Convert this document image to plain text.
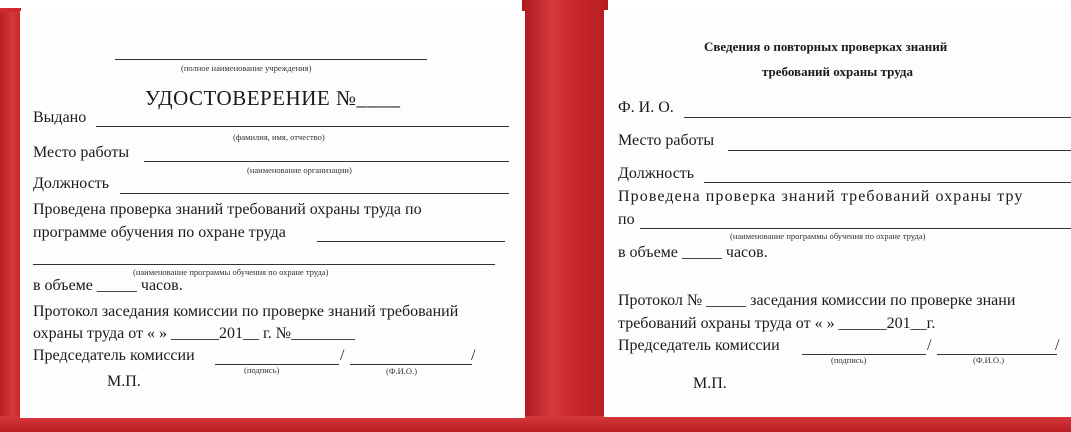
(полное наименование учреждения)
УДОСТОВЕРЕНИЕ №____
Выдано
(фамилия, имя, отчество)
Место работы
(наименование организации)
Должность
Проведена проверка знаний требований охраны труда по
программе обучения по охране труда
(наименование программы обучения по охране труда)
в объеме _____ часов.
Протокол заседания комиссии по проверке знаний требований
охраны труда от « » ______201__ г. №________
Председатель комиссии	/	/
(подпись)	(Ф.И.О.)
М.П.
Сведения о повторных проверках знаний
требований охраны труда
Ф. И. О.
Место работы
Должность
Проведена проверка знаний требований охраны тру
по
(наименование программы обучения по охране труда)
в объеме _____ часов.
Протокол № _____ заседания комиссии по проверке знани
требований охраны труда от « » ______201__г.
Председатель комиссии	/	/
(подпись)	(Ф.И.О.)
М.П.
